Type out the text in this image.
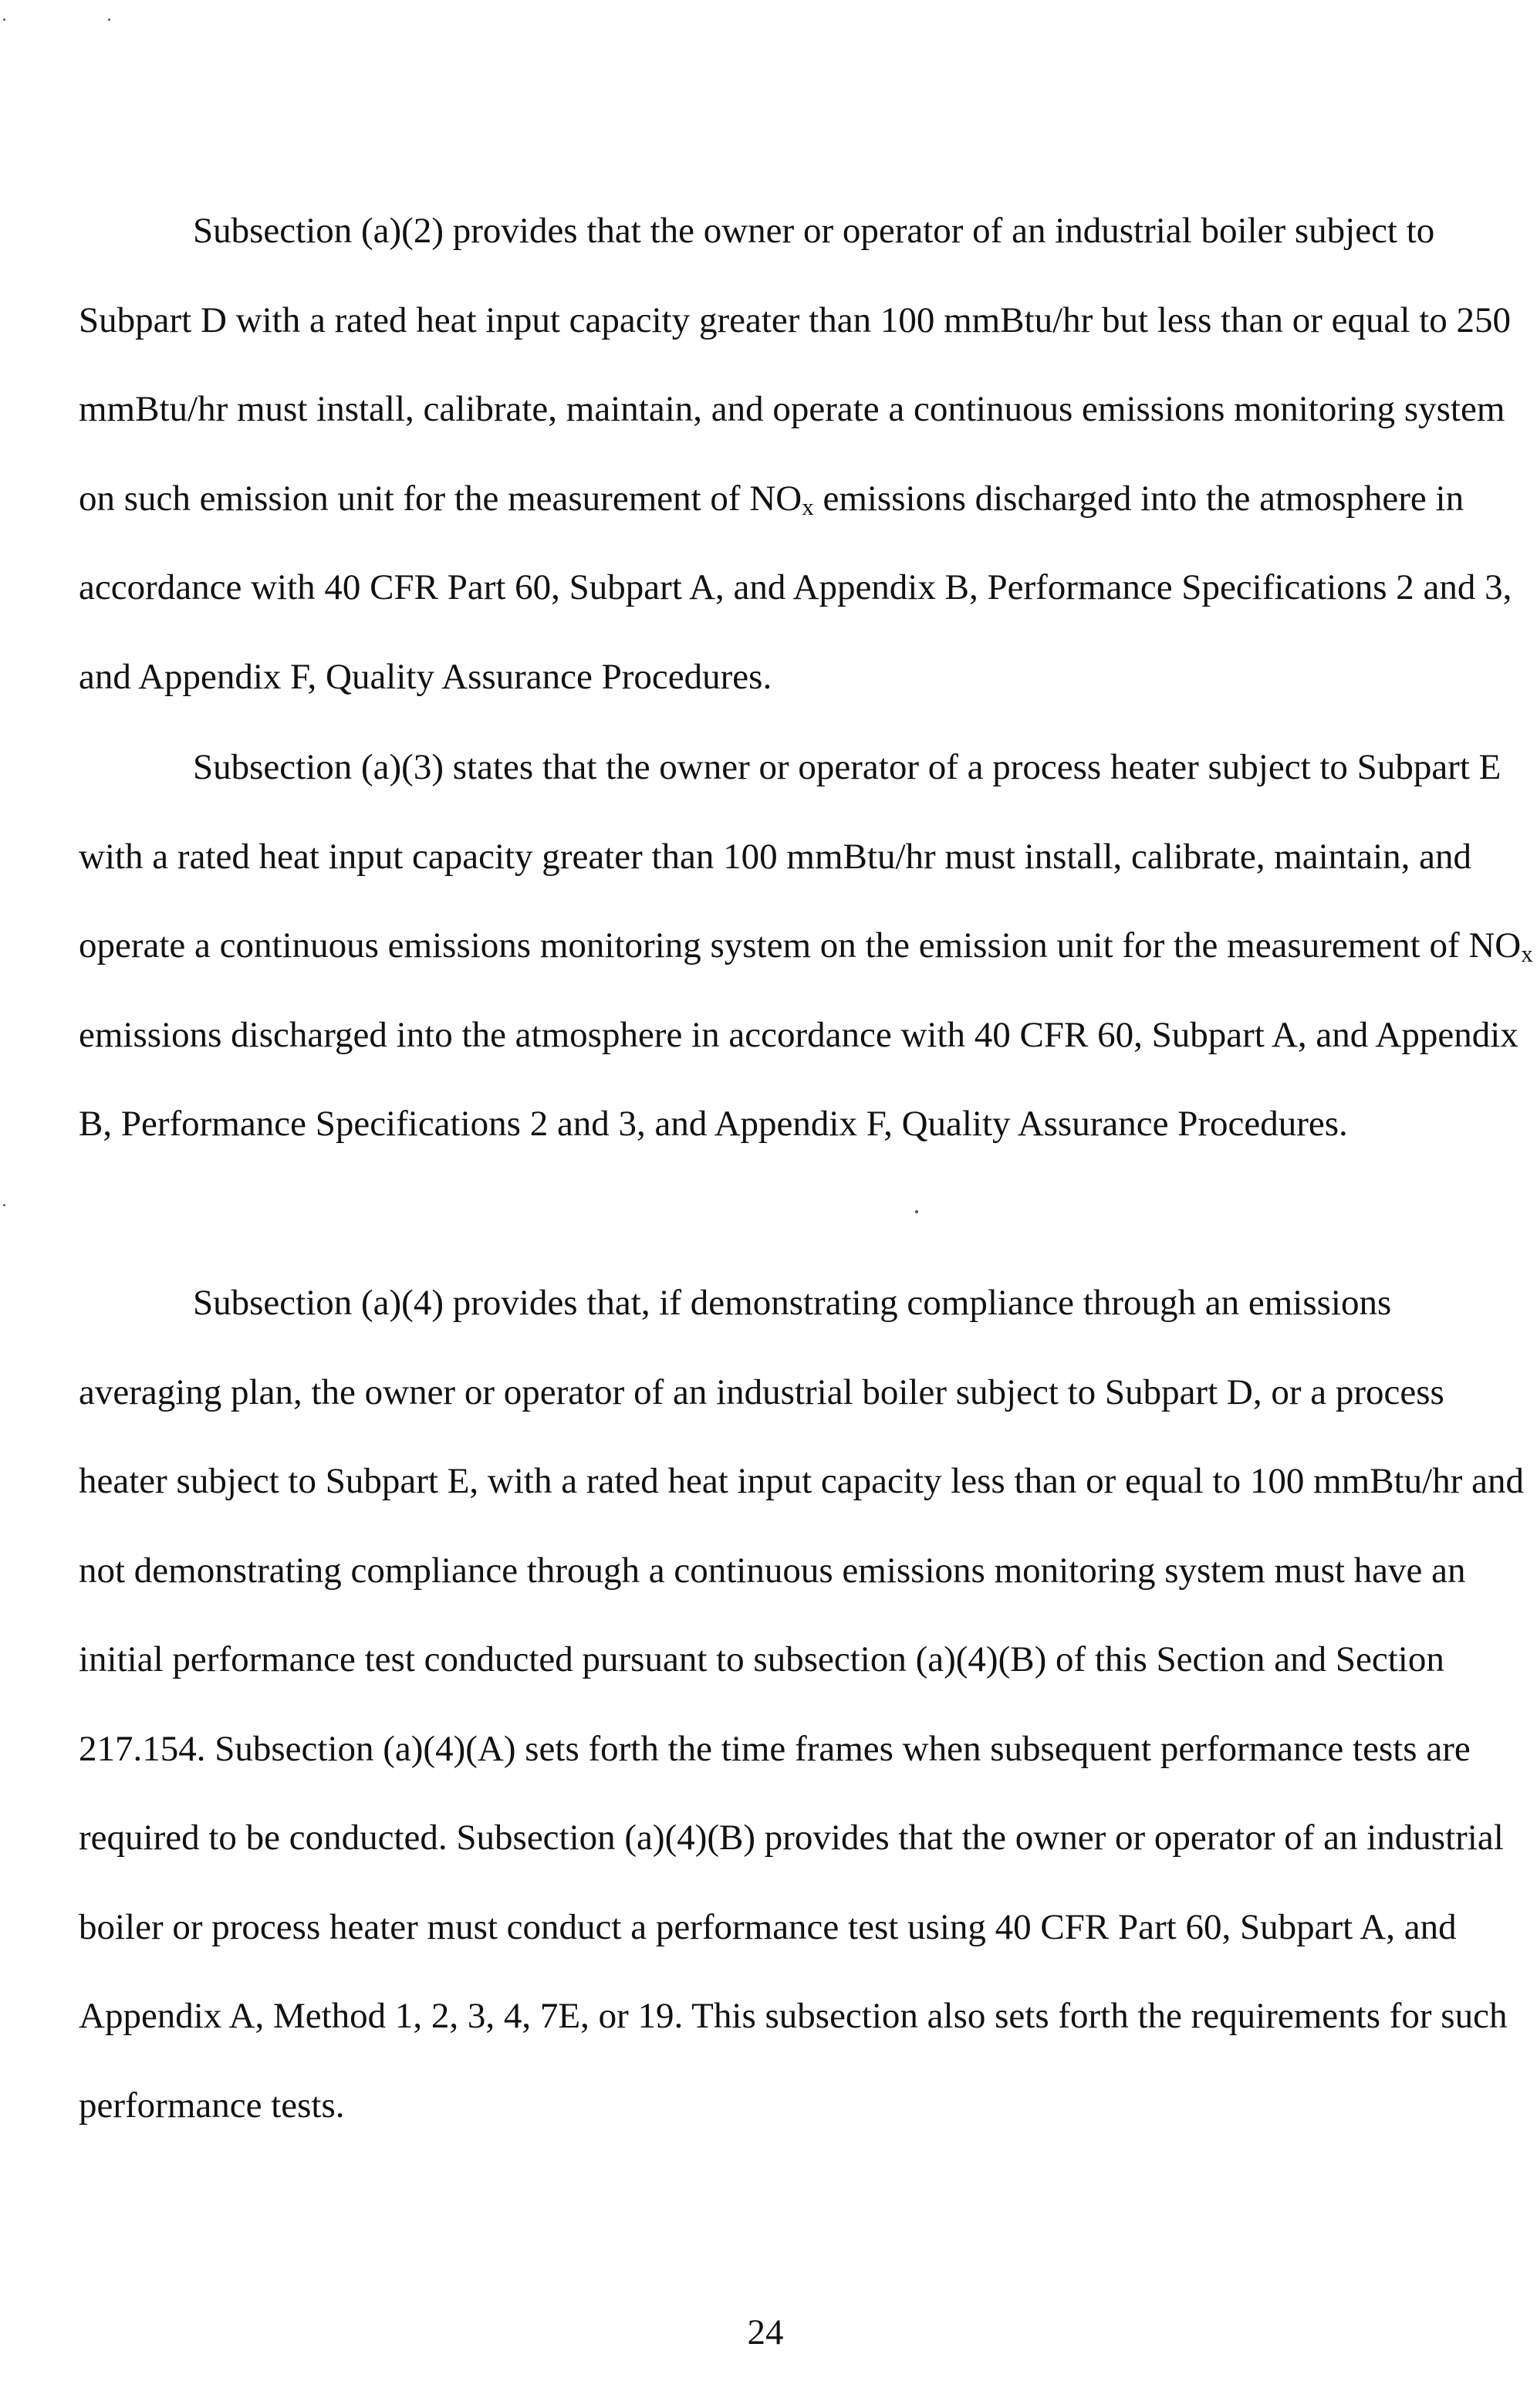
Subsection (a)(2) provides that the owner or operator of an industrial boiler subject to Subpart D with a rated heat input capacity greater than 100 mmBtu/hr but less than or equal to 250 mmBtu/hr must install, calibrate, maintain, and operate a continuous emissions monitoring system on such emission unit for the measurement of NOx emissions discharged into the atmosphere in accordance with 40 CFR Part 60, Subpart A, and Appendix B, Performance Specifications 2 and 3, and Appendix F, Quality Assurance Procedures.

Subsection (a)(3) states that the owner or operator of a process heater subject to Subpart E with a rated heat input capacity greater than 100 mmBtu/hr must install, calibrate, maintain, and operate a continuous emissions monitoring system on the emission unit for the measurement of NOx emissions discharged into the atmosphere in accordance with 40 CFR 60, Subpart A, and Appendix B, Performance Specifications 2 and 3, and Appendix F, Quality Assurance Procedures.

Subsection (a)(4) provides that, if demonstrating compliance through an emissions averaging plan, the owner or operator of an industrial boiler subject to Subpart D, or a process heater subject to Subpart E, with a rated heat input capacity less than or equal to 100 mmBtu/hr and not demonstrating compliance through a continuous emissions monitoring system must have an initial performance test conducted pursuant to subsection (a)(4)(B) of this Section and Section 217.154. Subsection (a)(4)(A) sets forth the time frames when subsequent performance tests are required to be conducted. Subsection (a)(4)(B) provides that the owner or operator of an industrial boiler or process heater must conduct a performance test using 40 CFR Part 60, Subpart A, and Appendix A, Method 1, 2, 3, 4, 7E, or 19. This subsection also sets forth the requirements for such performance tests.

24
